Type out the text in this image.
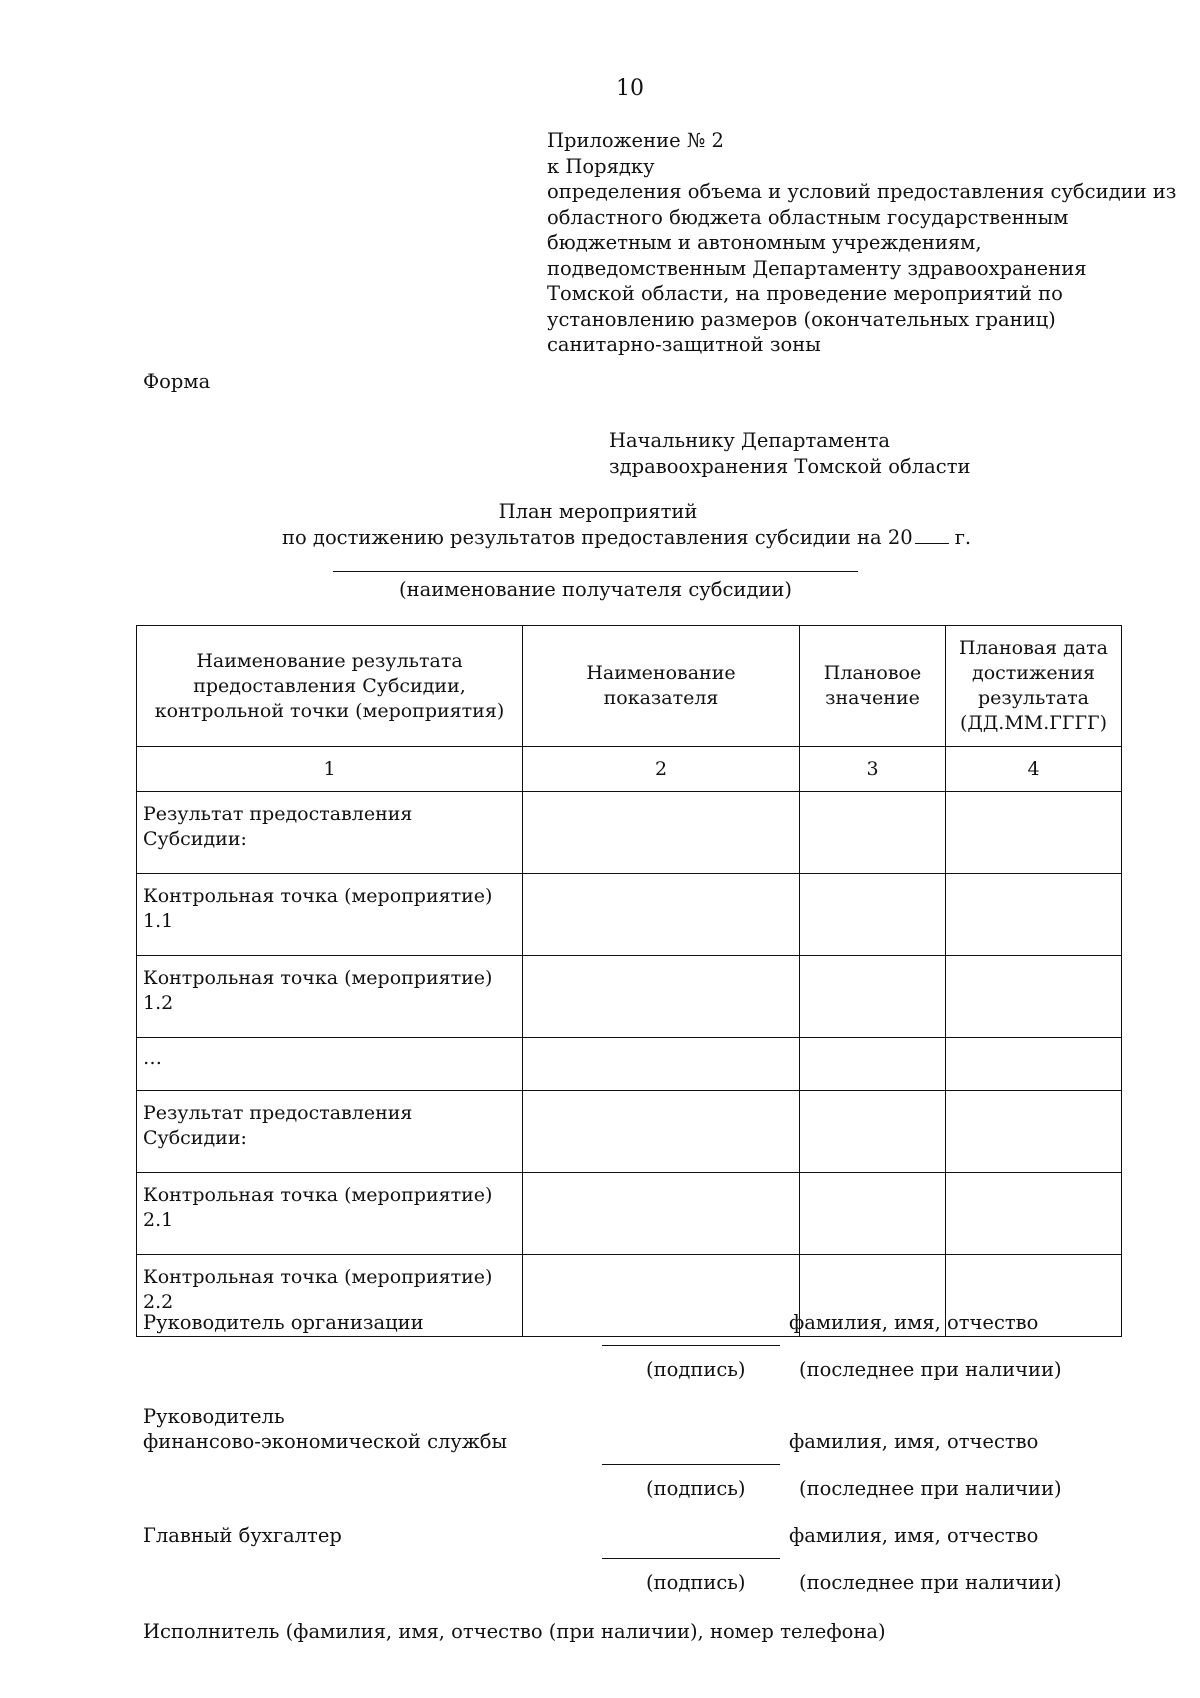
10
Приложение № 2
к Порядку
определения объема и условий предоставления субсидии из
областного бюджета областным государственным
бюджетным и автономным учреждениям,
подведомственным Департаменту здравоохранения
Томской области, на проведение мероприятий по
установлению размеров (окончательных границ)
санитарно-защитной зоны
Форма
Начальнику Департамента
здравоохранения Томской области
План мероприятий
по достижению результатов предоставления субсидии на 20 г.
(наименование получателя субсидии)
Наименование результата предоставления Субсидии, контрольной точки (мероприятия)	Наименование показателя	Плановое значение	Плановая дата достижения результата (ДД.ММ.ГГГГ)
1	2	3	4
Результат предоставления Субсидии:			
Контрольная точка (мероприятие) 1.1			
Контрольная точка (мероприятие) 1.2			
…			
Результат предоставления Субсидии:			
Контрольная точка (мероприятие) 2.1			
Контрольная точка (мероприятие) 2.2			
Руководитель организации	фамилия, имя, отчество
(подпись)	(последнее при наличии)
Руководитель
финансово-экономической службы	фамилия, имя, отчество
(подпись)	(последнее при наличии)
Главный бухгалтер	фамилия, имя, отчество
(подпись)	(последнее при наличии)
Исполнитель (фамилия, имя, отчество (при наличии), номер телефона)
